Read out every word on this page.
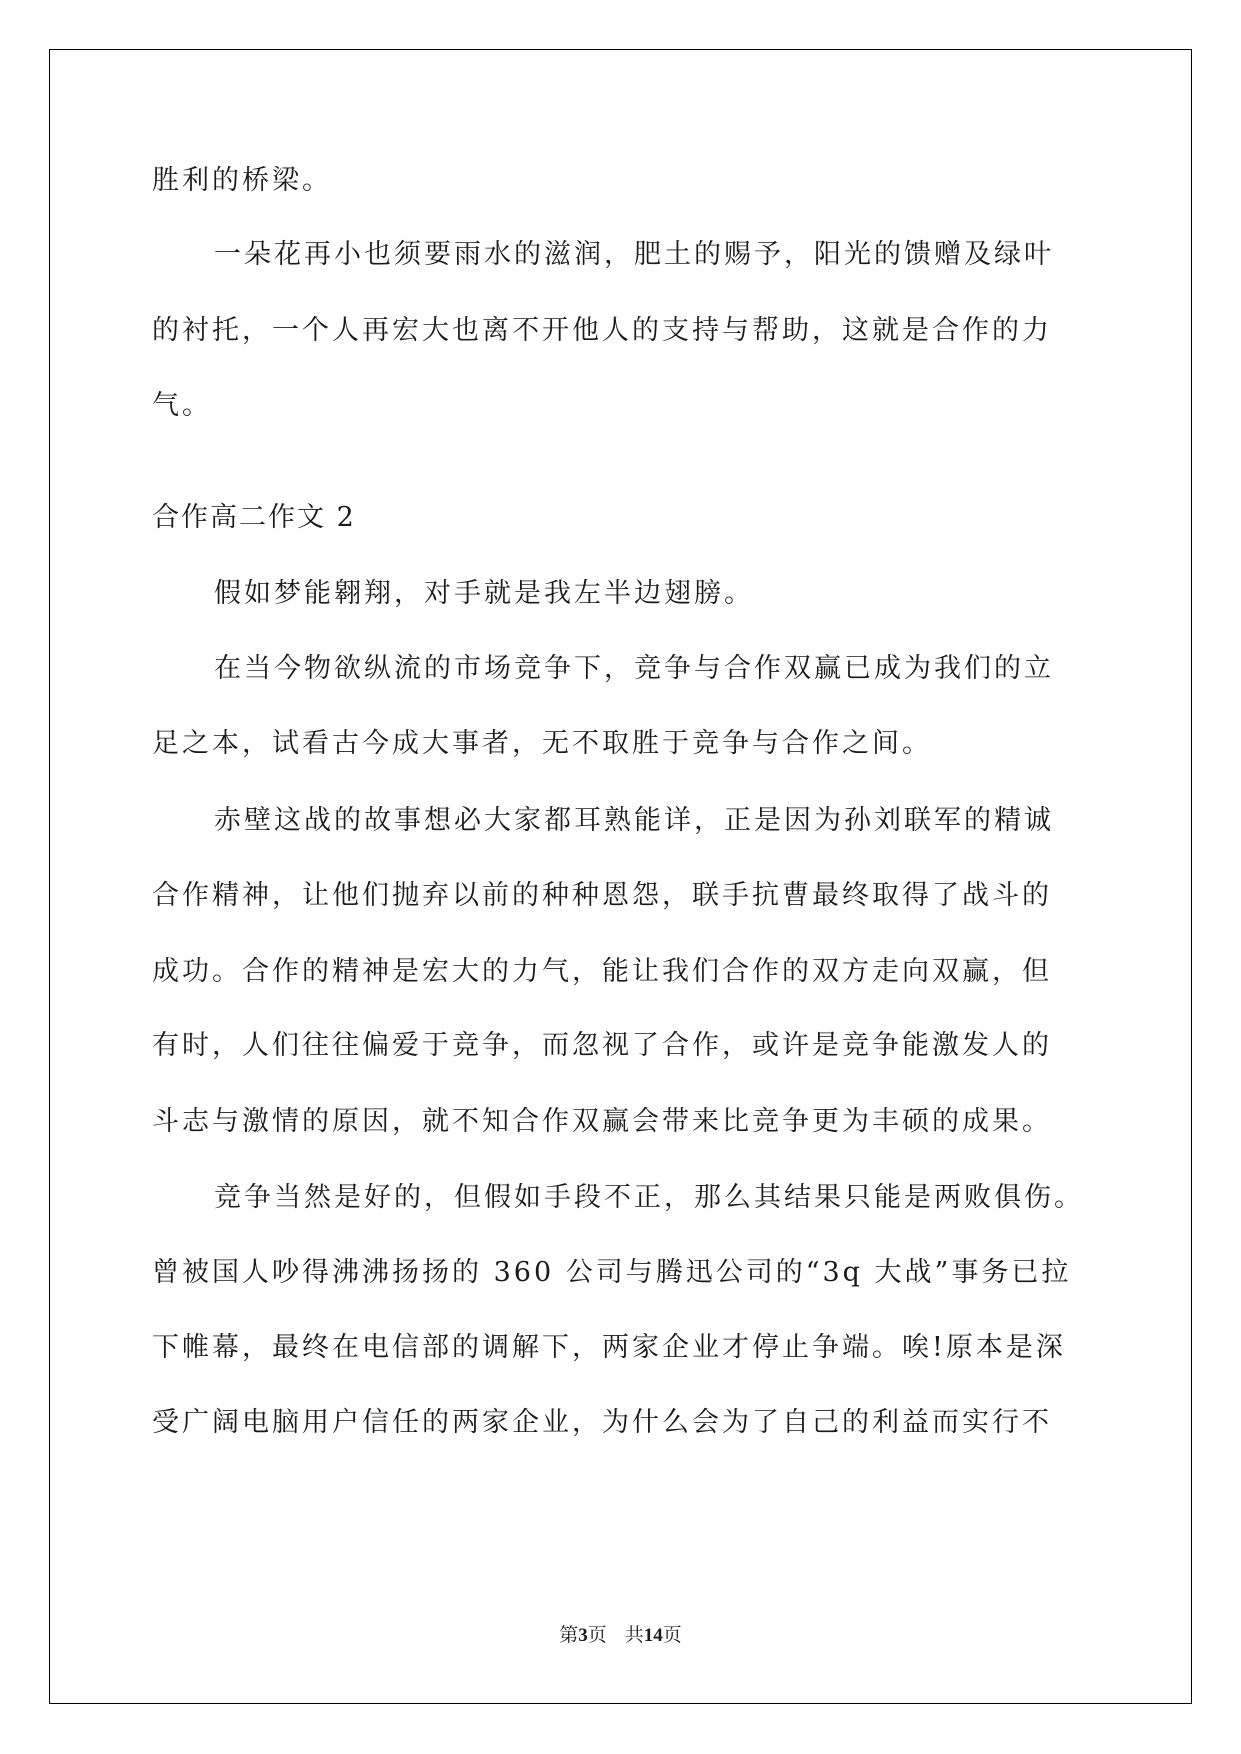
胜利的桥梁。
一朵花再小也须要雨水的滋润，肥土的赐予，阳光的馈赠及绿叶
的衬托，一个人再宏大也离不开他人的支持与帮助，这就是合作的力
气。
合作高二作文 2
假如梦能翱翔，对手就是我左半边翅膀。
在当今物欲纵流的市场竞争下，竞争与合作双赢已成为我们的立
足之本，试看古今成大事者，无不取胜于竞争与合作之间。
赤壁这战的故事想必大家都耳熟能详，正是因为孙刘联军的精诚
合作精神，让他们抛弃以前的种种恩怨，联手抗曹最终取得了战斗的
成功。合作的精神是宏大的力气，能让我们合作的双方走向双赢，但
有时，人们往往偏爱于竞争，而忽视了合作，或许是竞争能激发人的
斗志与激情的原因，就不知合作双赢会带来比竞争更为丰硕的成果。
竞争当然是好的，但假如手段不正，那么其结果只能是两败俱伤。
曾被国人吵得沸沸扬扬的 360 公司与腾迅公司的“3q 大战”事务已拉
下帷幕，最终在电信部的调解下，两家企业才停止争端。唉!原本是深
受广阔电脑用户信任的两家企业，为什么会为了自己的利益而实行不
第3页 共14页
